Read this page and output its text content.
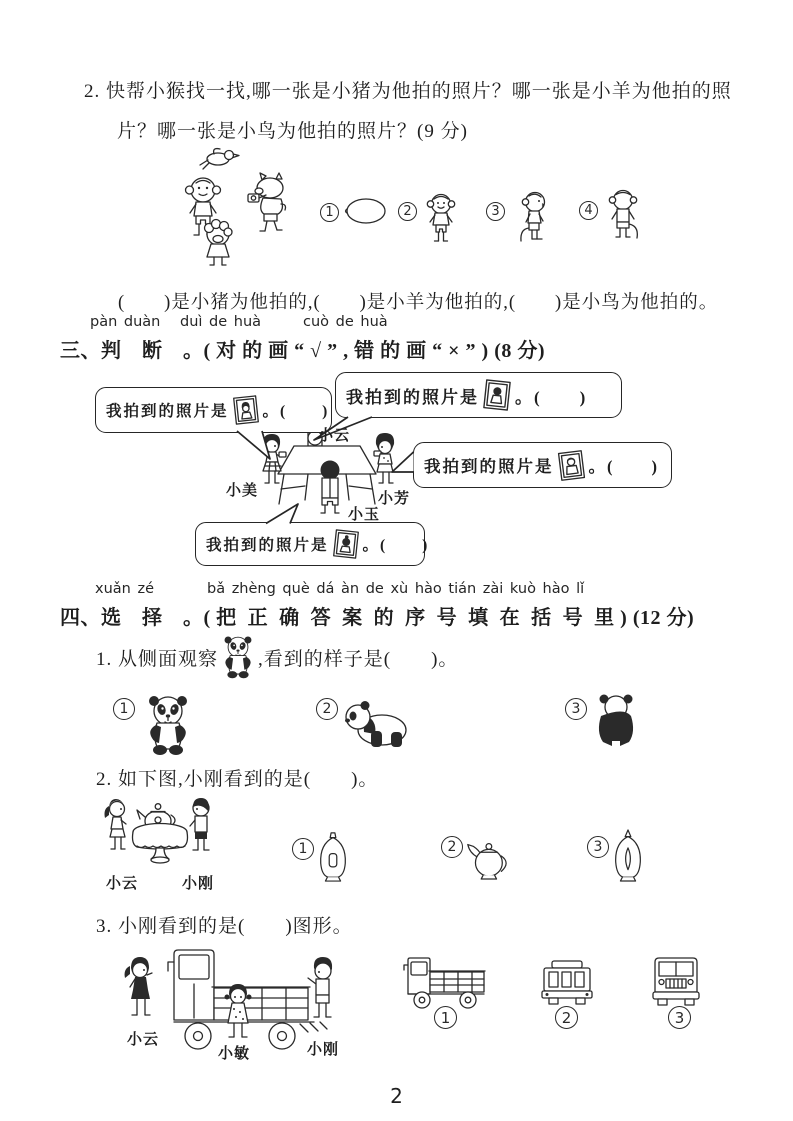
2. 快帮小猴找一找,哪一张是小猪为他拍的照片？哪一张是小羊为他拍的照
片？哪一张是小鸟为他拍的照片？(9 分)
1	2	3	4
(　　)是小猪为他拍的,(　　)是小羊为他拍的,(　　)是小鸟为他拍的。
pàn duàn duì de huà	cuò de huà
三、判　断　。( 对 的 画 “ √ ” , 错 的 画 “ × ” ) (8 分)
我拍到的照片是 。(　　)
我拍到的照片是 。(　　)
我拍到的照片是 。(　　)
我拍到的照片是 。(　　)
小美
小云
小芳
小玉
xuǎn zé	bǎ zhèng què dá àn de xù hào tián zài kuò hào lǐ
四、选　择　。( 把  正  确  答  案  的  序  号  填  在  括  号  里 ) (12 分)
1. 从侧面观察 ,看到的样子是(　　)。
1	2	3
2. 如下图,小刚看到的是(　　)。
小云	小刚
1	2	3
3. 小刚看到的是(　　)图形。
小云
小敏	小刚
1	2	3
2
